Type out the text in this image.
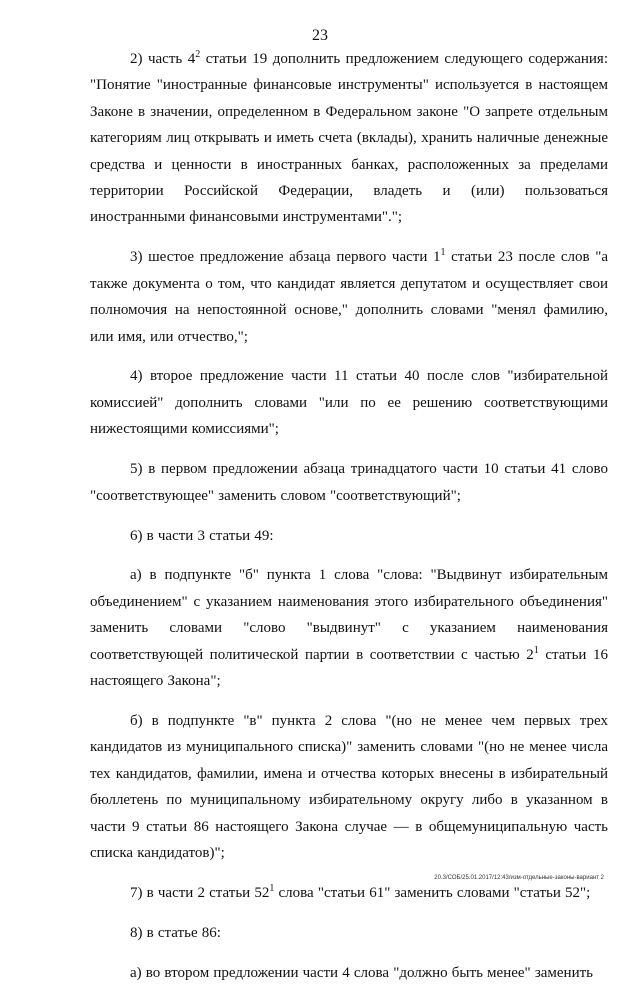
23

2) часть $4^2$ статьи 19 дополнить предложением следующего содержания: "Понятие "иностранные финансовые инструменты" используется в настоящем Законе в значении, определенном в Федеральном законе "О запрете отдельным категориям лиц открывать и иметь счета (вклады), хранить наличные денежные средства и ценности в иностранных банках, расположенных за пределами территории Российской Федерации, владеть и (или) пользоваться иностранными финансовыми инструментами".";

3) шестое предложение абзаца первого части $1^1$ статьи 23 после слов "а также документа о том, что кандидат является депутатом и осуществляет свои полномочия на непостоянной основе," дополнить словами "менял фамилию, или имя, или отчество,";

4) второе предложение части 11 статьи 40 после слов "избирательной комиссией" дополнить словами "или по ее решению соответствующими нижестоящими комиссиями";

5) в первом предложении абзаца тринадцатого части 10 статьи 41 слово "соответствующее" заменить словом "соответствующий";

6) в части 3 статьи 49:

а) в подпункте "б" пункта 1 слова "слова: "Выдвинут избирательным объединением" с указанием наименования этого избирательного объединения" заменить словами "слово "выдвинут" с указанием наименования соответствующей политической партии в соответствии с частью $2^1$ статьи 16 настоящего Закона";

б) в подпункте "в" пункта 2 слова "(но не менее чем первых трех кандидатов из муниципального списка)" заменить словами "(но не менее числа тех кандидатов, фамилии, имена и отчества которых внесены в избирательный бюллетень по муниципальному избирательному округу либо в указанном в части 9 статьи 86 настоящего Закона случае — в общемуниципальную часть списка кандидатов)";

7) в части 2 статьи $52^1$ слова "статьи 61" заменить словами "статьи 52";

8) в статье 86:

а) во втором предложении части 4 слова "должно быть менее" заменить

20.3/СОБ/25.01.2017/12:43/изм-отдельные-законы-вариант 2
